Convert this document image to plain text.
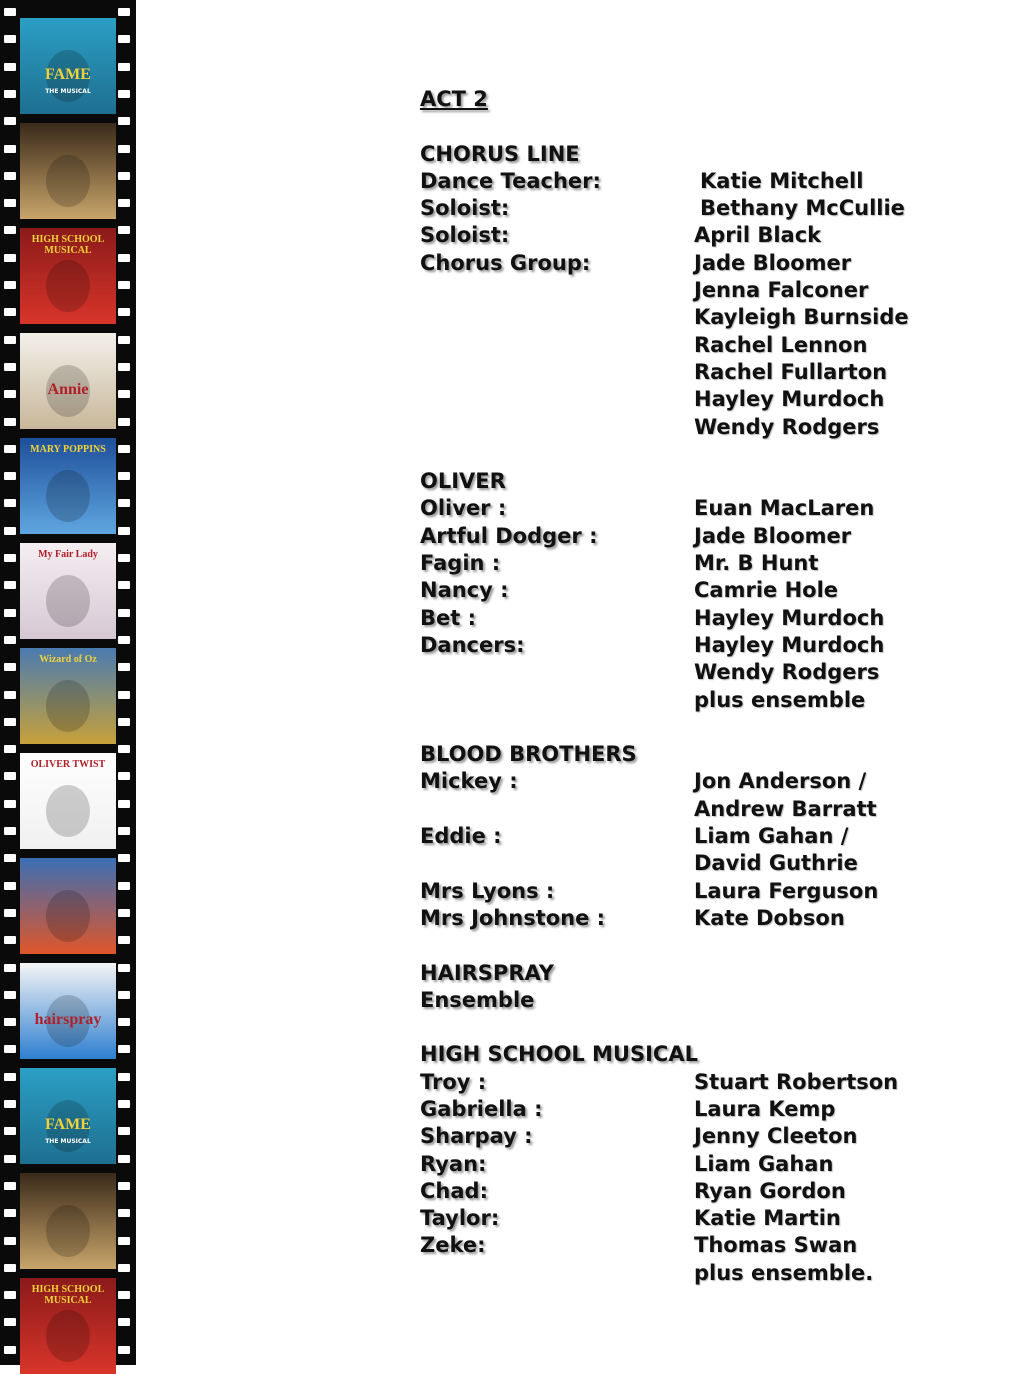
FAME
THE MUSICAL
HIGH SCHOOL MUSICAL
Annie
MARY POPPINS
My Fair Lady
Wizard of Oz
OLIVER TWIST
hairspray
FAME
THE MUSICAL
HIGH SCHOOL MUSICAL
ACT 2
CHORUS LINE
Dance Teacher:	Katie Mitchell
Soloist:	Bethany McCullie
Soloist:	April Black
Chorus Group:	Jade Bloomer
Jenna Falconer
Kayleigh Burnside
Rachel Lennon
Rachel Fullarton
Hayley Murdoch
Wendy Rodgers
OLIVER
Oliver :	Euan MacLaren
Artful Dodger :	Jade Bloomer
Fagin :	Mr. B Hunt
Nancy :	Camrie Hole
Bet :	Hayley Murdoch
Dancers:	Hayley Murdoch
Wendy Rodgers
plus ensemble
BLOOD BROTHERS
Mickey :	Jon Anderson /
Andrew Barratt
Eddie :	Liam Gahan /
David Guthrie
Mrs Lyons :	Laura Ferguson
Mrs Johnstone :	Kate Dobson
HAIRSPRAY
Ensemble
HIGH SCHOOL MUSICAL
Troy :	Stuart Robertson
Gabriella :	Laura Kemp
Sharpay :	Jenny Cleeton
Ryan:	Liam Gahan
Chad:	Ryan Gordon
Taylor:	Katie Martin
Zeke:	Thomas Swan
plus ensemble.
